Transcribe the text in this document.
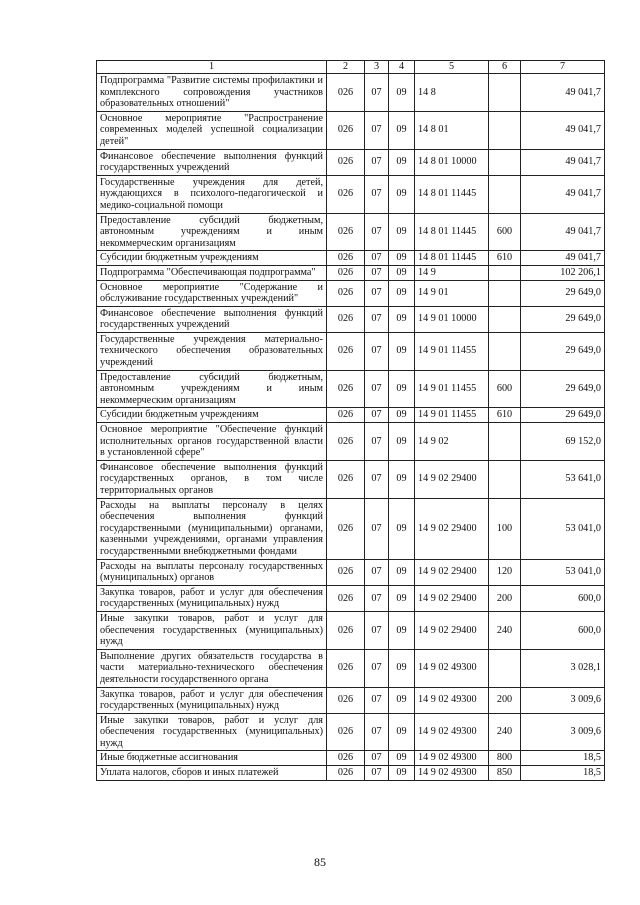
1	2	3	4	5	6	7
Подпрограмма "Развитие системы профилактики и комплексного сопровождения участников образовательных отношений"	026	07	09	14 8		49 041,7
Основное мероприятие "Распространение современных моделей успешной социализации детей"	026	07	09	14 8 01		49 041,7
Финансовое обеспечение выполнения функций государственных учреждений	026	07	09	14 8 01 10000		49 041,7
Государственные учреждения для детей, нуждающихся в психолого-педагогической и медико-социальной помощи	026	07	09	14 8 01 11445		49 041,7
Предоставление субсидий бюджетным, автономным учреждениям и иным некоммерческим организациям	026	07	09	14 8 01 11445	600	49 041,7
Субсидии бюджетным учреждениям	026	07	09	14 8 01 11445	610	49 041,7
Подпрограмма "Обеспечивающая подпрограмма"	026	07	09	14 9		102 206,1
Основное мероприятие "Содержание и обслуживание государственных учреждений"	026	07	09	14 9 01		29 649,0
Финансовое обеспечение выполнения функций государственных учреждений	026	07	09	14 9 01 10000		29 649,0
Государственные учреждения материально-технического обеспечения образовательных учреждений	026	07	09	14 9 01 11455		29 649,0
Предоставление субсидий бюджетным, автономным учреждениям и иным некоммерческим организациям	026	07	09	14 9 01 11455	600	29 649,0
Субсидии бюджетным учреждениям	026	07	09	14 9 01 11455	610	29 649,0
Основное мероприятие "Обеспечение функций исполнительных органов государственной власти в установленной сфере"	026	07	09	14 9 02		69 152,0
Финансовое обеспечение выполнения функций государственных органов, в том числе территориальных органов	026	07	09	14 9 02 29400		53 641,0
Расходы на выплаты персоналу в целях обеспечения выполнения функций государственными (муниципальными) органами, казенными учреждениями, органами управления государственными внебюджетными фондами	026	07	09	14 9 02 29400	100	53 041,0
Расходы на выплаты персоналу государственных (муниципальных) органов	026	07	09	14 9 02 29400	120	53 041,0
Закупка товаров, работ и услуг для обеспечения государственных (муниципальных) нужд	026	07	09	14 9 02 29400	200	600,0
Иные закупки товаров, работ и услуг для обеспечения государственных (муниципальных) нужд	026	07	09	14 9 02 29400	240	600,0
Выполнение других обязательств государства в части материально-технического обеспечения деятельности государственного органа	026	07	09	14 9 02 49300		3 028,1
Закупка товаров, работ и услуг для обеспечения государственных (муниципальных) нужд	026	07	09	14 9 02 49300	200	3 009,6
Иные закупки товаров, работ и услуг для обеспечения государственных (муниципальных) нужд	026	07	09	14 9 02 49300	240	3 009,6
Иные бюджетные ассигнования	026	07	09	14 9 02 49300	800	18,5
Уплата налогов, сборов и иных платежей	026	07	09	14 9 02 49300	850	18,5
85
